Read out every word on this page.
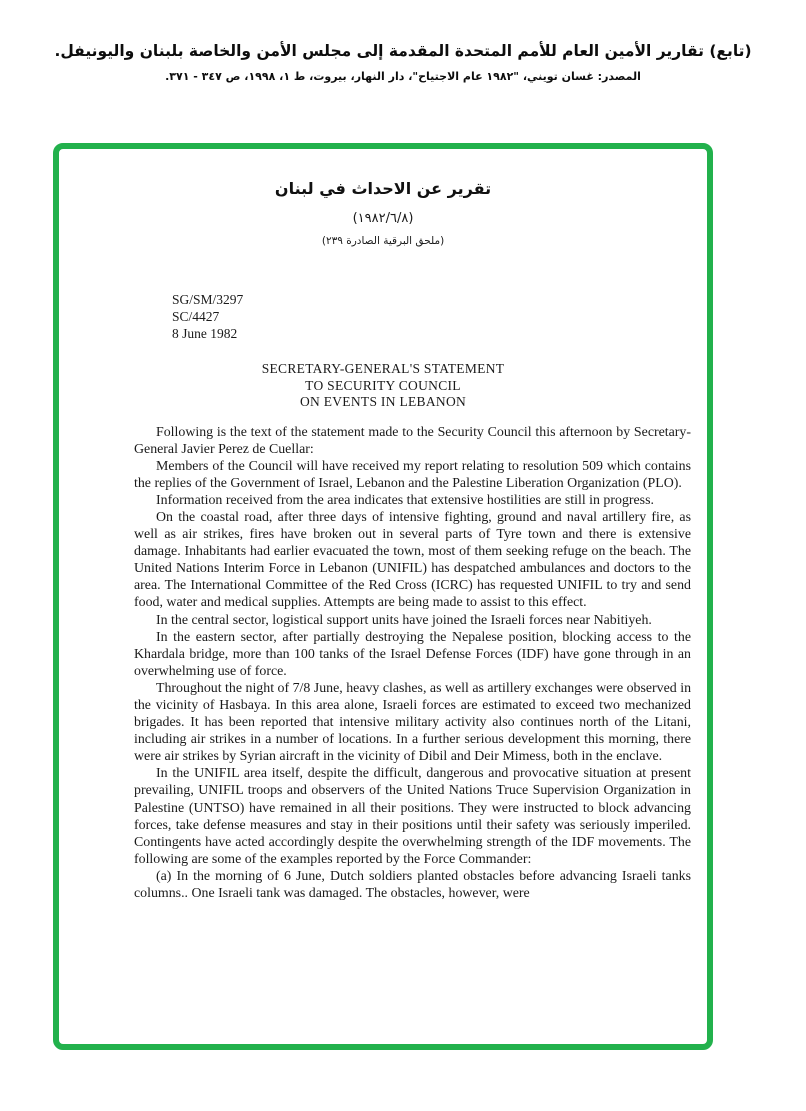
(تابع) تقارير الأمين العام للأمم المتحدة المقدمة إلى مجلس الأمن والخاصة بلبنان واليونيفل.
المصدر: غسان تويني، "١٩٨٢ عام الاجتياح"، دار النهار، بيروت، ط ١، ١٩٩٨، ص ٣٤٧ - ٣٧١.
تقرير عن الاحداث في لبنان
(١٩٨٢/٦/٨)
(ملحق البرقية الصادرة ٢٣٩)
SG/SM/3297
SC/4427
8 June 1982
SECRETARY-GENERAL'S STATEMENT
TO SECURITY COUNCIL
ON EVENTS IN LEBANON

Following is the text of the statement made to the Security Council this afternoon by Secretary-General Javier Perez de Cuellar:

Members of the Council will have received my report relating to resolution 509 which contains the replies of the Government of Israel, Lebanon and the Palestine Liberation Organization (PLO).

Information received from the area indicates that extensive hostilities are still in progress.

On the coastal road, after three days of intensive fighting, ground and naval artillery fire, as well as air strikes, fires have broken out in several parts of Tyre town and there is extensive damage. Inhabitants had earlier evacuated the town, most of them seeking refuge on the beach. The United Nations Interim Force in Lebanon (UNIFIL) has despatched ambulances and doctors to the area. The International Committee of the Red Cross (ICRC) has requested UNIFIL to try and send food, water and medical supplies. Attempts are being made to assist to this effect.

In the central sector, logistical support units have joined the Israeli forces near Nabitiyeh.

In the eastern sector, after partially destroying the Nepalese position, blocking access to the Khardala bridge, more than 100 tanks of the Israel Defense Forces (IDF) have gone through in an overwhelming use of force.

Throughout the night of 7/8 June, heavy clashes, as well as artillery exchanges were observed in the vicinity of Hasbaya. In this area alone, Israeli forces are estimated to exceed two mechanized brigades. It has been reported that intensive military activity also continues north of the Litani, including air strikes in a number of locations. In a further serious development this morning, there were air strikes by Syrian aircraft in the vicinity of Dibil and Deir Mimess, both in the enclave.

In the UNIFIL area itself, despite the difficult, dangerous and provocative situation at present prevailing, UNIFIL troops and observers of the United Nations Truce Supervision Organization in Palestine (UNTSO) have remained in all their positions. They were instructed to block advancing forces, take defense measures and stay in their positions until their safety was seriously imperiled. Contingents have acted accordingly despite the overwhelming strength of the IDF movements. The following are some of the examples reported by the Force Commander:

(a) In the morning of 6 June, Dutch soldiers planted obstacles before advancing Israeli tanks columns.. One Israeli tank was damaged. The obstacles, however, were
